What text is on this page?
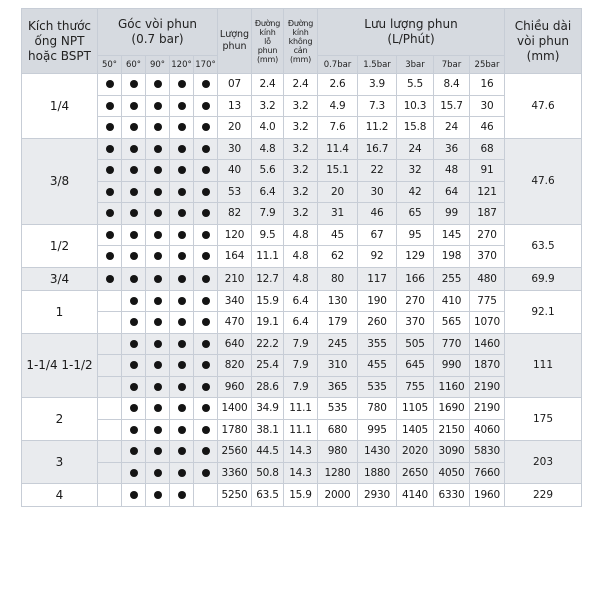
Kích thước
ống NPT
hoặc BSPT	Góc vòi phun
(0.7 bar)					Lượng
phun	Đường
kính
lỗ
phun
(mm)	Đường
kính
không
cản
(mm)	Lưu lượng phun
(L/Phút)					Chiều dài
vòi phun
(mm)
	50°	60°	90°	120°	170°				0.7bar	1.5bar	3bar	7bar	25bar	
1/4						07	2.4	2.4	2.6	3.9	5.5	8.4	16	47.6
						13	3.2	3.2	4.9	7.3	10.3	15.7	30	
						20	4.0	3.2	7.6	11.2	15.8	24	46	
3/8						30	4.8	3.2	11.4	16.7	24	36	68	47.6
						40	5.6	3.2	15.1	22	32	48	91	
						53	6.4	3.2	20	30	42	64	121	
						82	7.9	3.2	31	46	65	99	187	
1/2						120	9.5	4.8	45	67	95	145	270	63.5
						164	11.1	4.8	62	92	129	198	370	
3/4						210	12.7	4.8	80	117	166	255	480	69.9
1						340	15.9	6.4	130	190	270	410	775	92.1
						470	19.1	6.4	179	260	370	565	1070	
1-1/4 1-1/2						640	22.2	7.9	245	355	505	770	1460	111
						820	25.4	7.9	310	455	645	990	1870	
						960	28.6	7.9	365	535	755	1160	2190	
2						1400	34.9	11.1	535	780	1105	1690	2190	175
						1780	38.1	11.1	680	995	1405	2150	4060	
3						2560	44.5	14.3	980	1430	2020	3090	5830	203
						3360	50.8	14.3	1280	1880	2650	4050	7660	
4						5250	63.5	15.9	2000	2930	4140	6330	1960	229
